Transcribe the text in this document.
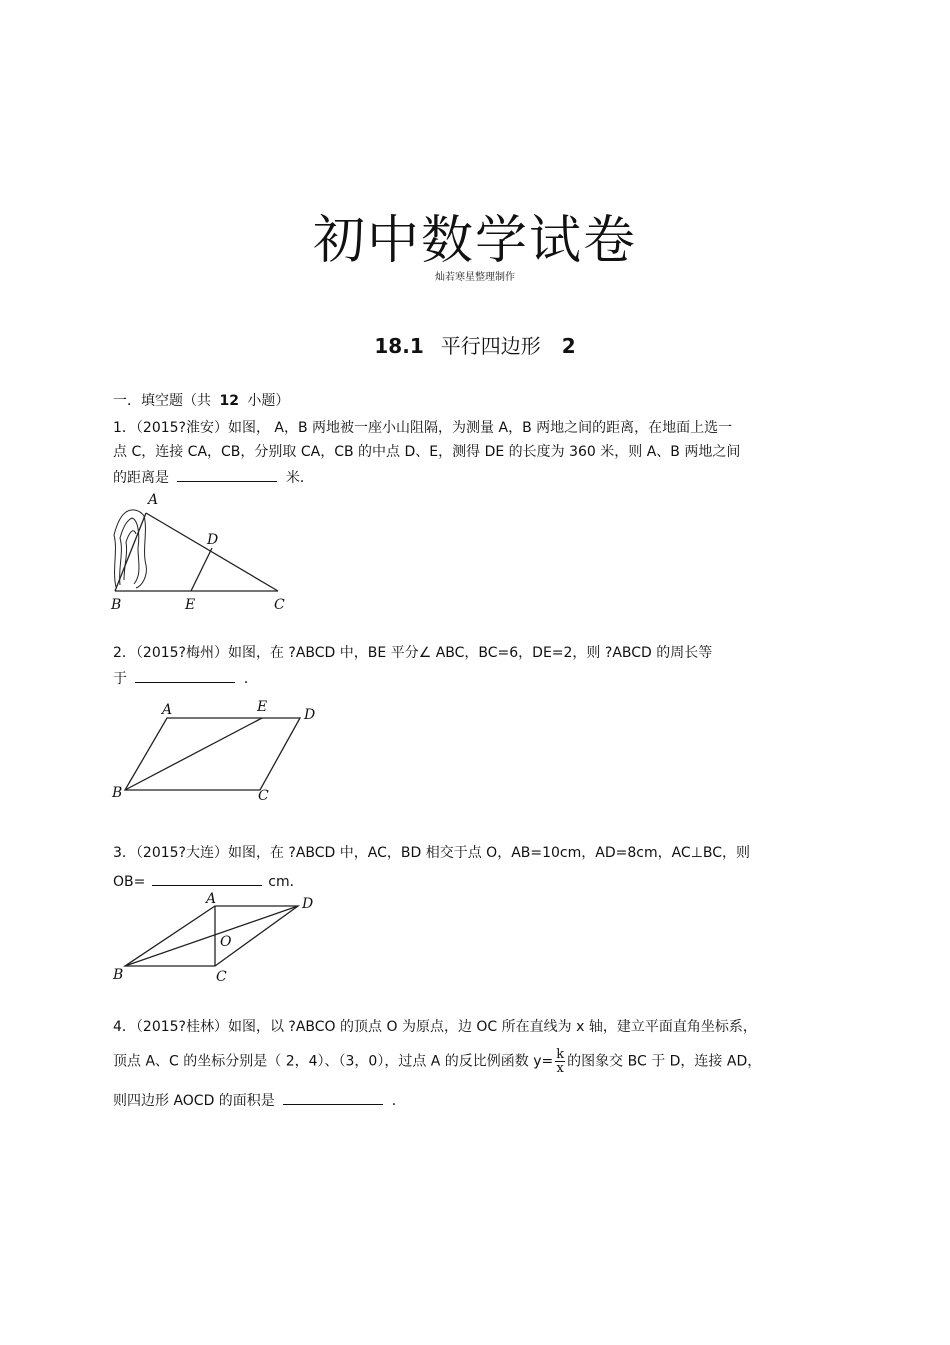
初中数学试卷
灿若寒星整理制作
18.1 平行四边形 2
一．填空题（共 12 小题）
1．（2015?淮安）如图， A，B 两地被一座小山阻隔，为测量 A，B 两地之间的距离，在地面上选一
点 C，连接 CA，CB，分别取 CA，CB 的中点 D、E，测得 DE 的长度为 360 米，则 A、B 两地之间
的距离是	米．
A
D
B	E	C
2．（2015?梅州）如图，在 ?ABCD 中，BE 平分∠ ABC，BC=6，DE=2，则 ?ABCD 的周长等
于	．
A	E	D
B	C
3．（2015?大连）如图，在 ?ABCD 中，AC，BD 相交于点 O，AB=10cm，AD=8cm，AC⊥BC，则
OB=	cm．
A	D
O
B	C
4．（2015?桂林）如图，以 ?ABCO 的顶点 O 为原点，边 OC 所在直线为 x 轴，建立平面直角坐标系，
顶点 A、C 的坐标分别是（ 2，4）、（3，0），过点 A 的反比例函数 $y= \frac{k}{x}$ 的图象交 BC 于 D，连接 AD，
则四边形 AOCD 的面积是	．
